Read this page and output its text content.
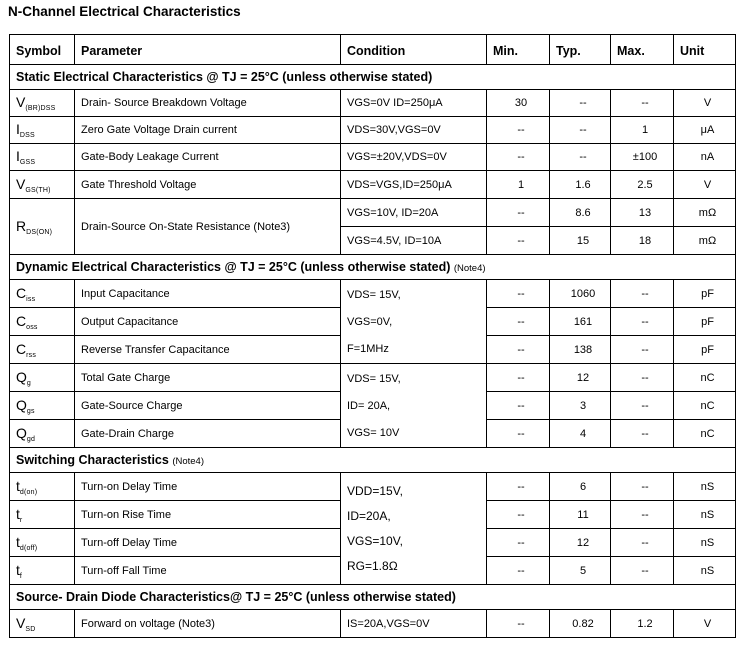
N-Channel Electrical Characteristics
Symbol	Parameter	Condition	Min.	Typ.	Max.	Unit
Static Electrical Characteristics @ TJ = 25°C (unless otherwise stated)						
$V_{(BR)DSS}$	Drain- Source Breakdown Voltage	VGS=0V ID=250μA	30	--	--	V
$I_{DSS}$	Zero Gate Voltage Drain current	VDS=30V,VGS=0V	--	--	1	μA
$I_{GSS}$	Gate-Body Leakage Current	VGS=±20V,VDS=0V	--	--	±100	nA
$V_{GS(TH)}$	Gate Threshold Voltage	VDS=VGS,ID=250μA	1	1.6	2.5	V
$R_{DS(ON)}$	Drain-Source On-State Resistance (Note3)	VGS=10V, ID=20A	--	8.6	13	mΩ
		VGS=4.5V, ID=10A	--	15	18	mΩ
Dynamic Electrical Characteristics @ TJ = 25°C (unless otherwise stated) (Note4)						
$C_{iss}$	Input Capacitance	VDS= 15V,
VGS=0V,
F=1MHz	--	1060	--	pF
$C_{oss}$	Output Capacitance		--	161	--	pF
$C_{rss}$	Reverse Transfer Capacitance		--	138	--	pF
$Q_g$	Total Gate Charge	VDS= 15V,
ID= 20A,
VGS= 10V	--	12	--	nC
$Q_{gs}$	Gate-Source Charge		--	3	--	nC
$Q_{gd}$	Gate-Drain Charge		--	4	--	nC
Switching Characteristics (Note4)						
$t_{d(on)}$	Turn-on Delay Time	VDD=15V,
ID=20A,
VGS=10V,
RG=1.8Ω	--	6	--	nS
$t_r$	Turn-on Rise Time		--	11	--	nS
$t_{d(off)}$	Turn-off Delay Time		--	12	--	nS
$t_f$	Turn-off Fall Time		--	5	--	nS
Source- Drain Diode Characteristics@ TJ = 25°C (unless otherwise stated)						
$V_{SD}$	Forward on voltage (Note3)	IS=20A,VGS=0V	--	0.82	1.2	V
